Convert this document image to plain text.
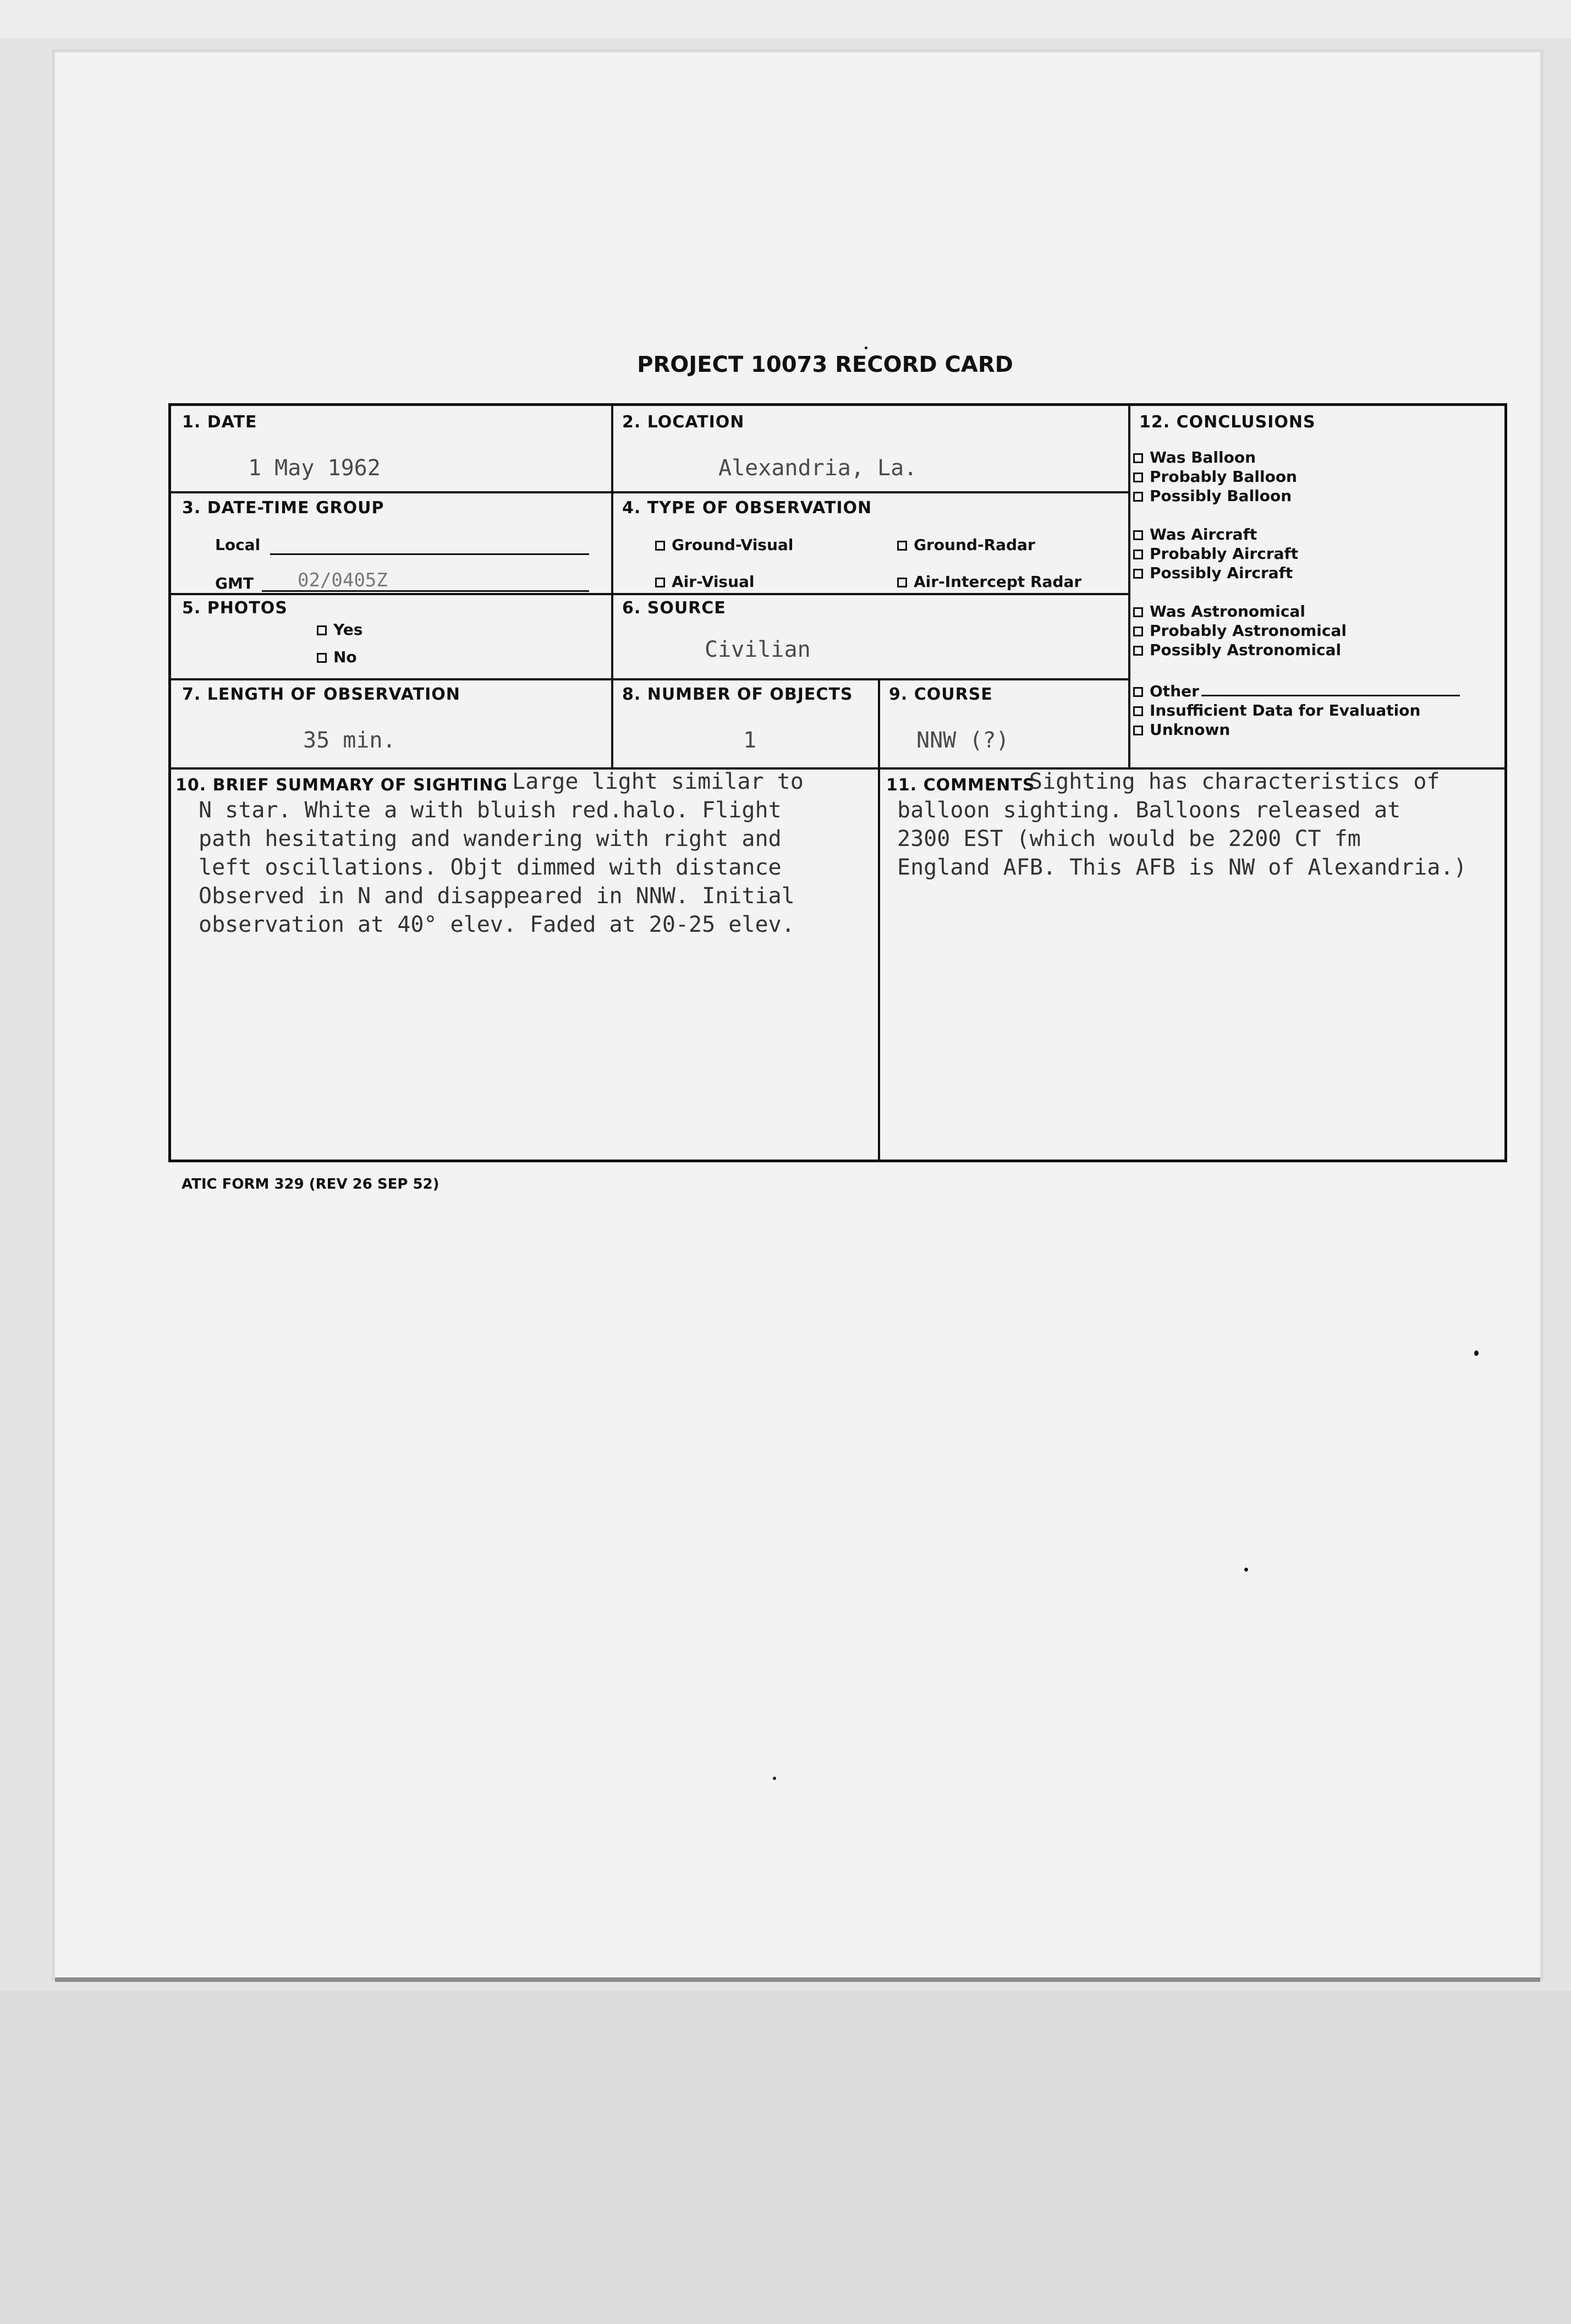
PROJECT 10073 RECORD CARD
1. DATE
1 May 1962
2. LOCATION
Alexandria, La.
3. DATE-TIME GROUP
Local
GMT 02/0405Z
4. TYPE OF OBSERVATION
Ground-Visual	Ground-Radar
Air-Visual	Air-Intercept Radar
5. PHOTOS
Yes
No
6. SOURCE
Civilian
7. LENGTH OF OBSERVATION
35 min.
8. NUMBER OF OBJECTS
1
9. COURSE
NNW (?)
12. CONCLUSIONS
10. BRIEF SUMMARY OF SIGHTING Large light similar to
N star. White a with bluish red.halo. Flight
path hesitating and wandering with right and
left oscillations. Objt dimmed with distance
Observed in N and disappeared in NNW. Initial
observation at 40° elev. Faded at 20-25 elev.
11. COMMENTS
Sighting has characteristics of
balloon sighting. Balloons released at
2300 EST (which would be 2200 CT fm
England AFB. This AFB is NW of Alexandria.)
Was Balloon
Probably Balloon
Possibly Balloon
Was Aircraft
Probably Aircraft
Possibly Aircraft
Was Astronomical
Probably Astronomical
Possibly Astronomical
Other
Insufficient Data for Evaluation
Unknown
ATIC FORM 329 (REV 26 SEP 52)
